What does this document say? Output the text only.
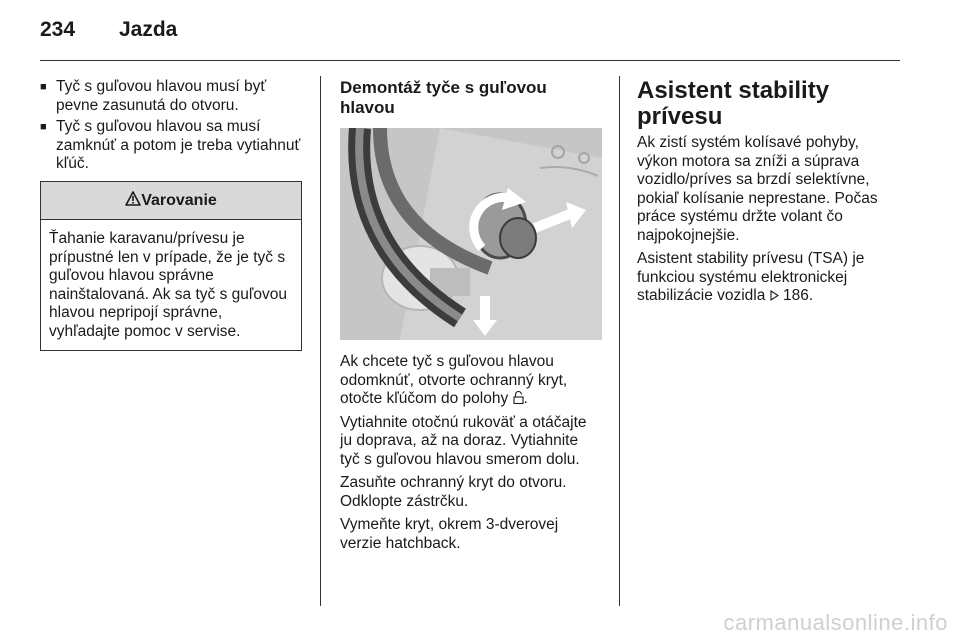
234 Jazda
■ Tyč s guľovou hlavou musí byť pevne zasunutá do otvoru.
■ Tyč s guľovou hlavou sa musí zamknúť a potom je treba vytiahnuť kľúč.
Varovanie
Ťahanie karavanu/prívesu je prípustné len v prípade, že je tyč s guľovou hlavou správne nainštalovaná. Ak sa tyč s guľovou hlavou nepripojí správne, vyhľadajte pomoc v servise.
Demontáž tyče s guľovou hlavou

Ak chcete tyč s guľovou hlavou odomknúť, otvorte ochranný kryt, otočte kľúčom do polohy .

Vytiahnite otočnú rukoväť a otáčajte ju doprava, až na doraz. Vytiahnite tyč s guľovou hlavou smerom dolu.

Zasuňte ochranný kryt do otvoru. Odklopte zástrčku.

Vymeňte kryt, okrem 3-dverovej verzie hatchback.

Asistent stability prívesu

Ak zistí systém kolísavé pohyby, výkon motora sa zníži a súprava vozidlo/príves sa brzdí selektívne, pokiaľ kolísanie neprestane. Počas práce systému držte volant čo najpokojnejšie.

Asistent stability prívesu (TSA) je funkciou systému elektronickej stabilizácie vozidla 186.

carmanualsonline.info
